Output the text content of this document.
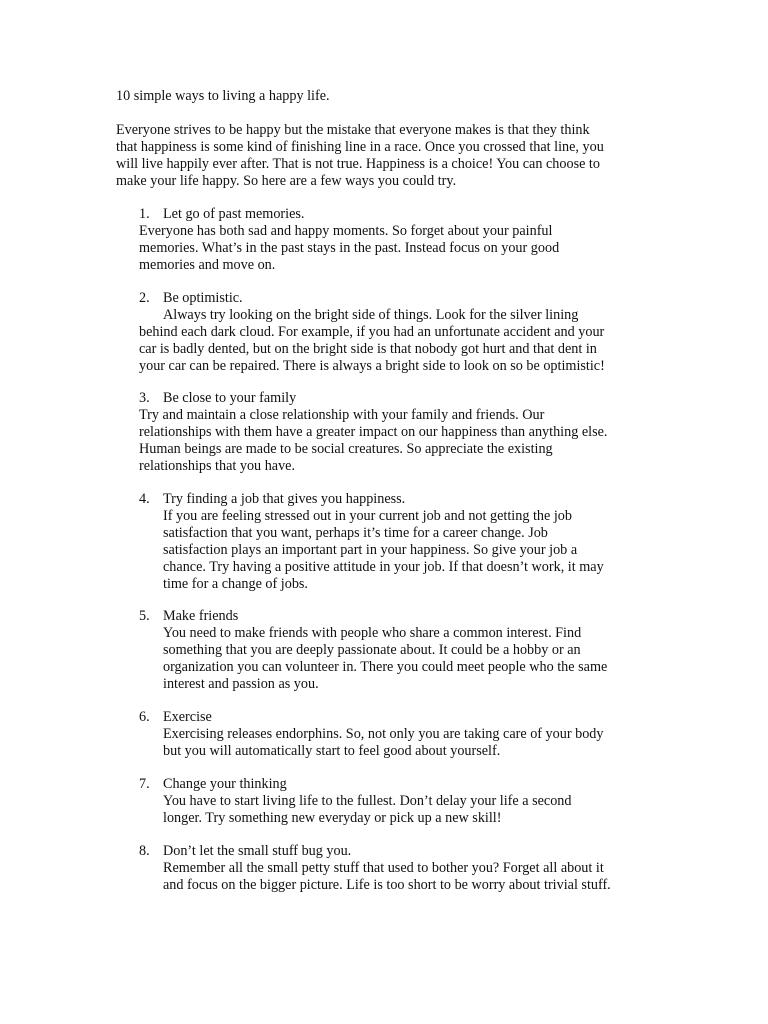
10 simple ways to living a happy life.
Everyone strives to be happy but the mistake that everyone makes is that they think
that happiness is some kind of finishing line in a race. Once you crossed that line, you
will live happily ever after. That is not true. Happiness is a choice! You can choose to
make your life happy. So here are a few ways you could try.
1. Let go of past memories.
Everyone has both sad and happy moments. So forget about your painful
memories. What’s in the past stays in the past. Instead focus on your good
memories and move on.
2. Be optimistic.
Always try looking on the bright side of things. Look for the silver lining
behind each dark cloud. For example, if you had an unfortunate accident and your
car is badly dented, but on the bright side is that nobody got hurt and that dent in
your car can be repaired. There is always a bright side to look on so be optimistic!
3. Be close to your family
Try and maintain a close relationship with your family and friends. Our
relationships with them have a greater impact on our happiness than anything else.
Human beings are made to be social creatures. So appreciate the existing
relationships that you have.
4. Try finding a job that gives you happiness.
If you are feeling stressed out in your current job and not getting the job
satisfaction that you want, perhaps it’s time for a career change. Job
satisfaction plays an important part in your happiness. So give your job a
chance. Try having a positive attitude in your job. If that doesn’t work, it may
time for a change of jobs.
5. Make friends
You need to make friends with people who share a common interest. Find
something that you are deeply passionate about. It could be a hobby or an
organization you can volunteer in. There you could meet people who the same
interest and passion as you.
6. Exercise
Exercising releases endorphins. So, not only you are taking care of your body
but you will automatically start to feel good about yourself.
7. Change your thinking
You have to start living life to the fullest. Don’t delay your life a second
longer. Try something new everyday or pick up a new skill!
8. Don’t let the small stuff bug you.
Remember all the small petty stuff that used to bother you? Forget all about it
and focus on the bigger picture. Life is too short to be worry about trivial stuff.
